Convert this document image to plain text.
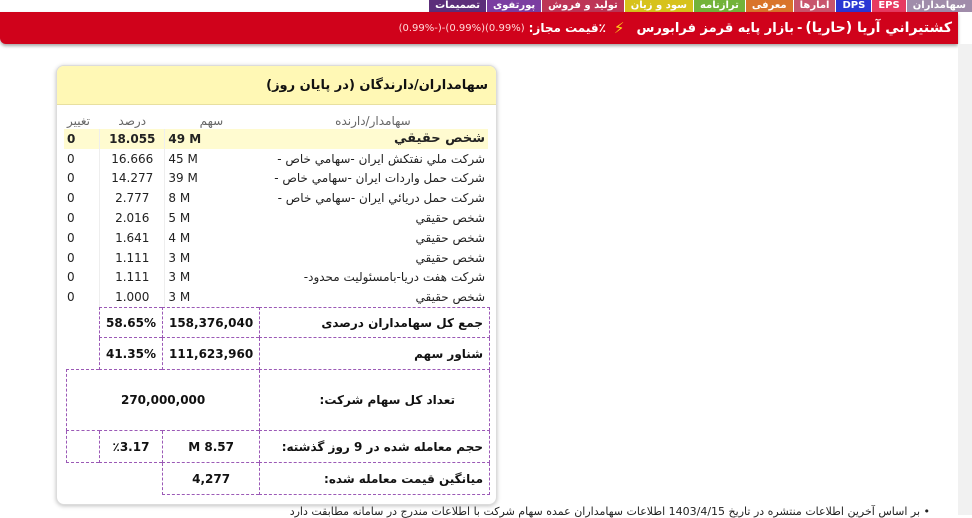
سهامداران
EPS
DPS
آمارها
معرفی
ترازنامه
سود و زیان
تولید و فروش
پورتفوی
تصمیمات
كشتيراني آريا (حاريا)
-
بازار پايه قرمز فرابورس
⚡
٪قیمت مجاز:
(0.99%)(0.99%)-(-0.99%)
سهامداران/دارندگان (در پایان روز)
سهامدار/دارنده	سهم	درصد	تغییر
شخص حقيقي	49 M	18.055	0
شركت ملي نفتكش ايران -سهامي خاص -	45 M	16.666	0
شركت حمل واردات ايران -سهامي خاص -	39 M	14.277	0
شركت حمل دريائي ايران -سهامي خاص -	8 M	2.777	0
شخص حقيقي	5 M	2.016	0
شخص حقيقي	4 M	1.641	0
شخص حقيقي	3 M	1.111	0
شركت هفت دريا-بامسئوليت محدود-	3 M	1.111	0
شخص حقيقي	3 M	1.000	0
جمع کل سهامداران درصدی	158,376,040	58.65%	
شناور سهم	111,623,960	41.35%	
تعداد کل سهام شرکت:	270,000,000		
حجم معامله شده در 9 روز گذشته:	8.57 M	٪3.17	
میانگین قیمت معامله شده:	4,277		
• بر اساس آخرین اطلاعات منتشره در تاریخ 1403/4/15 اطلاعات سهامداران عمده سهام شرکت با اطلاعات مندرج در سامانه مطابقت دارد
